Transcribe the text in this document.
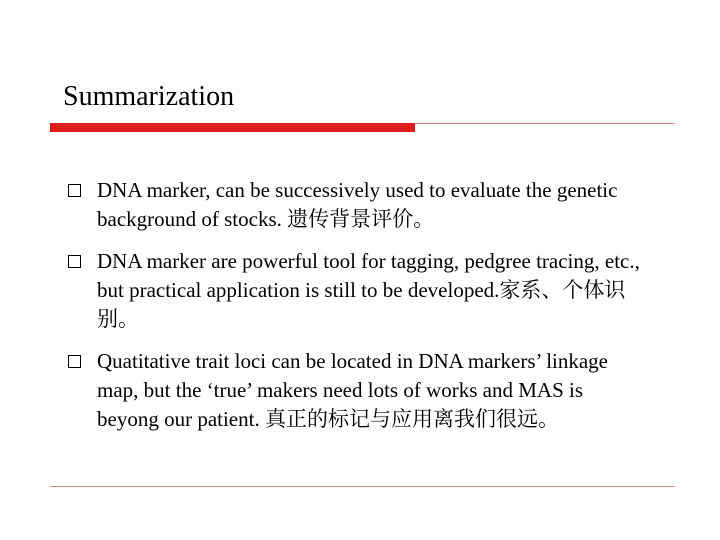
Summarization
DNA marker, can be successively used to evaluate the genetic background of stocks. 遗传背景评价。
DNA marker are powerful tool for tagging, pedgree tracing, etc., but practical application is still to be developed.家系、个体识别。
Quatitative trait loci can be located in DNA markers’ linkage map, but the ‘true’ makers need lots of works and MAS is beyong our patient. 真正的标记与应用离我们很远。
